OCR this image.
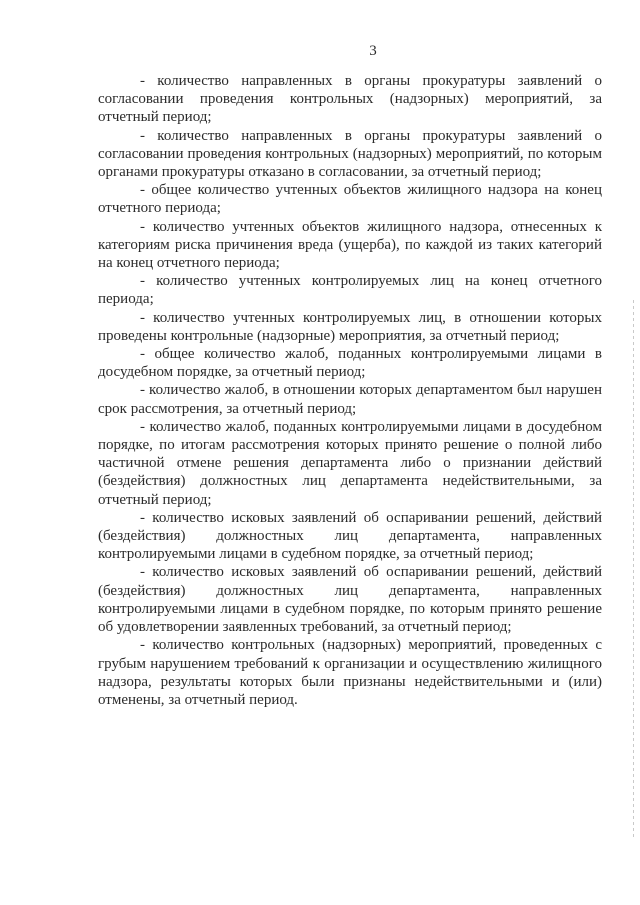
3

- количество направленных в органы прокуратуры заявлений о согласовании проведения контрольных (надзорных) мероприятий, за отчетный период;

- количество направленных в органы прокуратуры заявлений о согласовании проведения контрольных (надзорных) мероприятий, по которым органами прокуратуры отказано в согласовании, за отчетный период;

- общее количество учтенных объектов жилищного надзора на конец отчетного периода;

- количество учтенных объектов жилищного надзора, отнесенных к категориям риска причинения вреда (ущерба), по каждой из таких категорий на конец отчетного периода;

- количество учтенных контролируемых лиц на конец отчетного периода;

- количество учтенных контролируемых лиц, в отношении которых проведены контрольные (надзорные) мероприятия, за отчетный период;

- общее количество жалоб, поданных контролируемыми лицами в досудебном порядке, за отчетный период;

- количество жалоб, в отношении которых департаментом был нарушен срок рассмотрения, за отчетный период;

- количество жалоб, поданных контролируемыми лицами в досудебном порядке, по итогам рассмотрения которых принято решение о полной либо частичной отмене решения департамента либо о признании действий (бездействия) должностных лиц департамента недействительными, за отчетный период;

- количество исковых заявлений об оспаривании решений, действий (бездействия) должностных лиц департамента, направленных контролируемыми лицами в судебном порядке, за отчетный период;

- количество исковых заявлений об оспаривании решений, действий (бездействия) должностных лиц департамента, направленных контролируемыми лицами в судебном порядке, по которым принято решение об удовлетворении заявленных требований, за отчетный период;

- количество контрольных (надзорных) мероприятий, проведенных с грубым нарушением требований к организации и осуществлению жилищного надзора, результаты которых были признаны недействительными и (или) отменены, за отчетный период.
